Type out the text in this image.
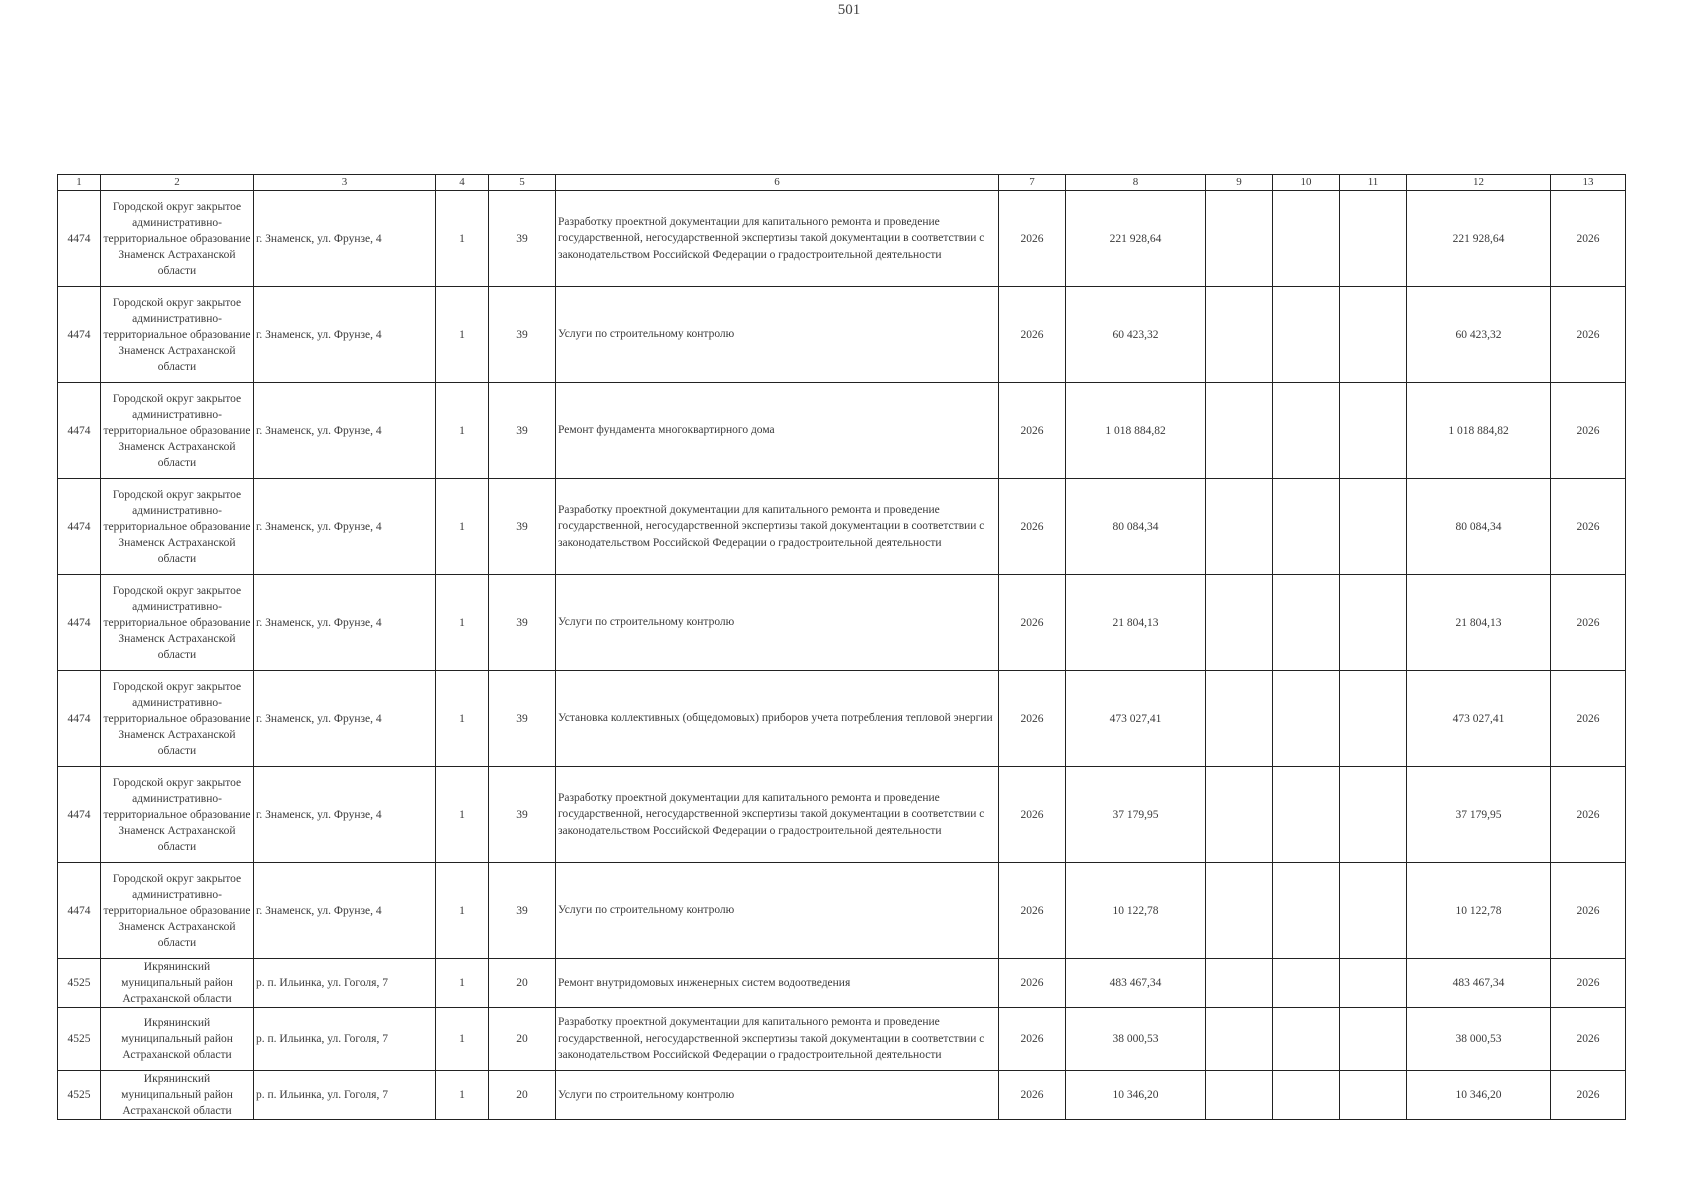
501
1	2	3	4	5	6	7	8	9	10	11	12	13
4474	Городской округ закрытое административно-территориальное образование Знаменск Астраханской области	г. Знаменск, ул. Фрунзе, 4	1	39	Разработку проектной документации для капитального ремонта и проведение государственной, негосударственной экспертизы такой документации в соответствии с законодательством Российской Федерации о градостроительной деятельности	2026	221 928,64				221 928,64	2026
4474	Городской округ закрытое административно-территориальное образование Знаменск Астраханской области	г. Знаменск, ул. Фрунзе, 4	1	39	Услуги по строительному контролю	2026	60 423,32				60 423,32	2026
4474	Городской округ закрытое административно-территориальное образование Знаменск Астраханской области	г. Знаменск, ул. Фрунзе, 4	1	39	Ремонт фундамента многоквартирного дома	2026	1 018 884,82				1 018 884,82	2026
4474	Городской округ закрытое административно-территориальное образование Знаменск Астраханской области	г. Знаменск, ул. Фрунзе, 4	1	39	Разработку проектной документации для капитального ремонта и проведение государственной, негосударственной экспертизы такой документации в соответствии с законодательством Российской Федерации о градостроительной деятельности	2026	80 084,34				80 084,34	2026
4474	Городской округ закрытое административно-территориальное образование Знаменск Астраханской области	г. Знаменск, ул. Фрунзе, 4	1	39	Услуги по строительному контролю	2026	21 804,13				21 804,13	2026
4474	Городской округ закрытое административно-территориальное образование Знаменск Астраханской области	г. Знаменск, ул. Фрунзе, 4	1	39	Установка коллективных (общедомовых) приборов учета потребления тепловой энергии	2026	473 027,41				473 027,41	2026
4474	Городской округ закрытое административно-территориальное образование Знаменск Астраханской области	г. Знаменск, ул. Фрунзе, 4	1	39	Разработку проектной документации для капитального ремонта и проведение государственной, негосударственной экспертизы такой документации в соответствии с законодательством Российской Федерации о градостроительной деятельности	2026	37 179,95				37 179,95	2026
4474	Городской округ закрытое административно-территориальное образование Знаменск Астраханской области	г. Знаменск, ул. Фрунзе, 4	1	39	Услуги по строительному контролю	2026	10 122,78				10 122,78	2026
4525	Икрянинский муниципальный район Астраханской области	р. п. Ильинка, ул. Гоголя, 7	1	20	Ремонт внутридомовых инженерных систем водоотведения	2026	483 467,34				483 467,34	2026
4525	Икрянинский муниципальный район Астраханской области	р. п. Ильинка, ул. Гоголя, 7	1	20	Разработку проектной документации для капитального ремонта и проведение государственной, негосударственной экспертизы такой документации в соответствии с законодательством Российской Федерации о градостроительной деятельности	2026	38 000,53				38 000,53	2026
4525	Икрянинский муниципальный район Астраханской области	р. п. Ильинка, ул. Гоголя, 7	1	20	Услуги по строительному контролю	2026	10 346,20				10 346,20	2026
